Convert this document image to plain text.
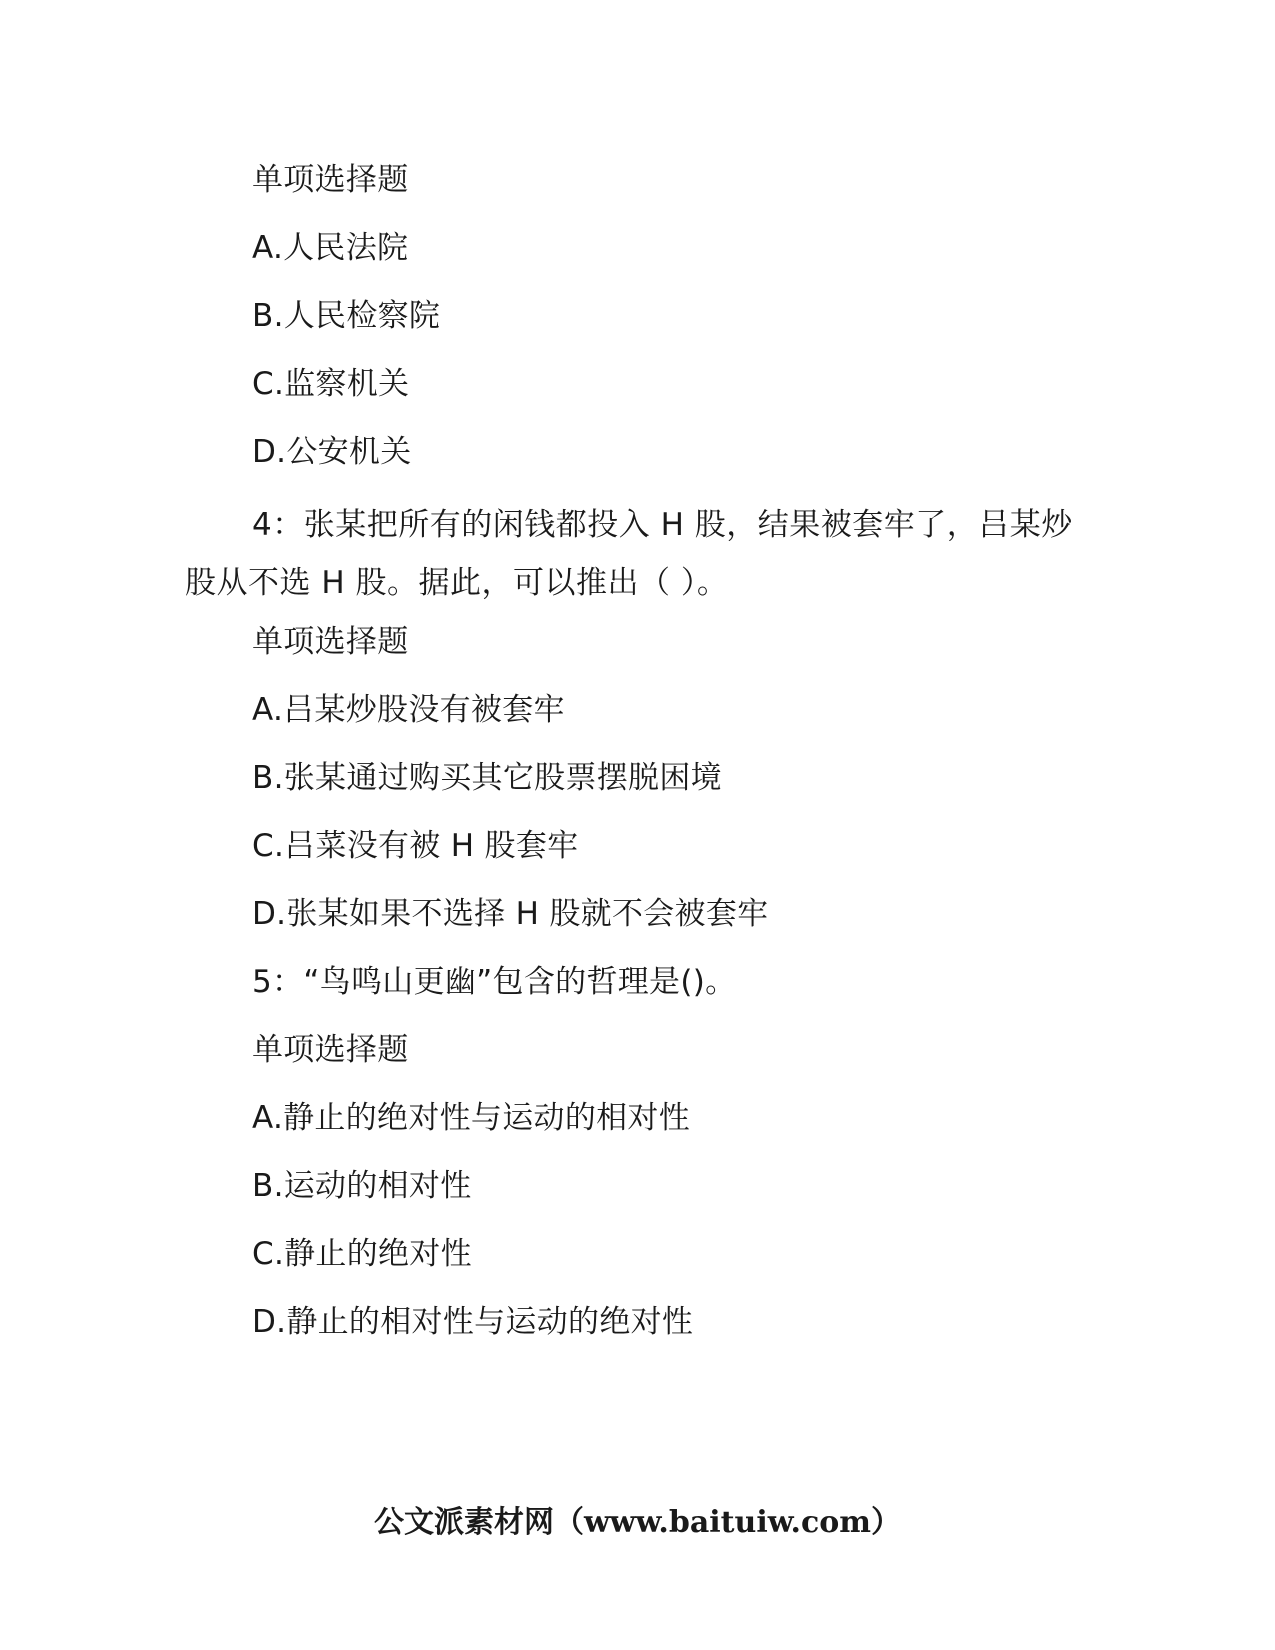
单项选择题
A.人民法院
B.人民检察院
C.监察机关
D.公安机关
4：张某把所有的闲钱都投入 H 股，结果被套牢了，吕某炒股从不选 H 股。据此，可以推出（ ）。
单项选择题
A.吕某炒股没有被套牢
B.张某通过购买其它股票摆脱困境
C.吕菜没有被 H 股套牢
D.张某如果不选择 H 股就不会被套牢
5：“鸟鸣山更幽”包含的哲理是()。
单项选择题
A.静止的绝对性与运动的相对性
B.运动的相对性
C.静止的绝对性
D.静止的相对性与运动的绝对性
公文派素材网（www.baituiw.com）
